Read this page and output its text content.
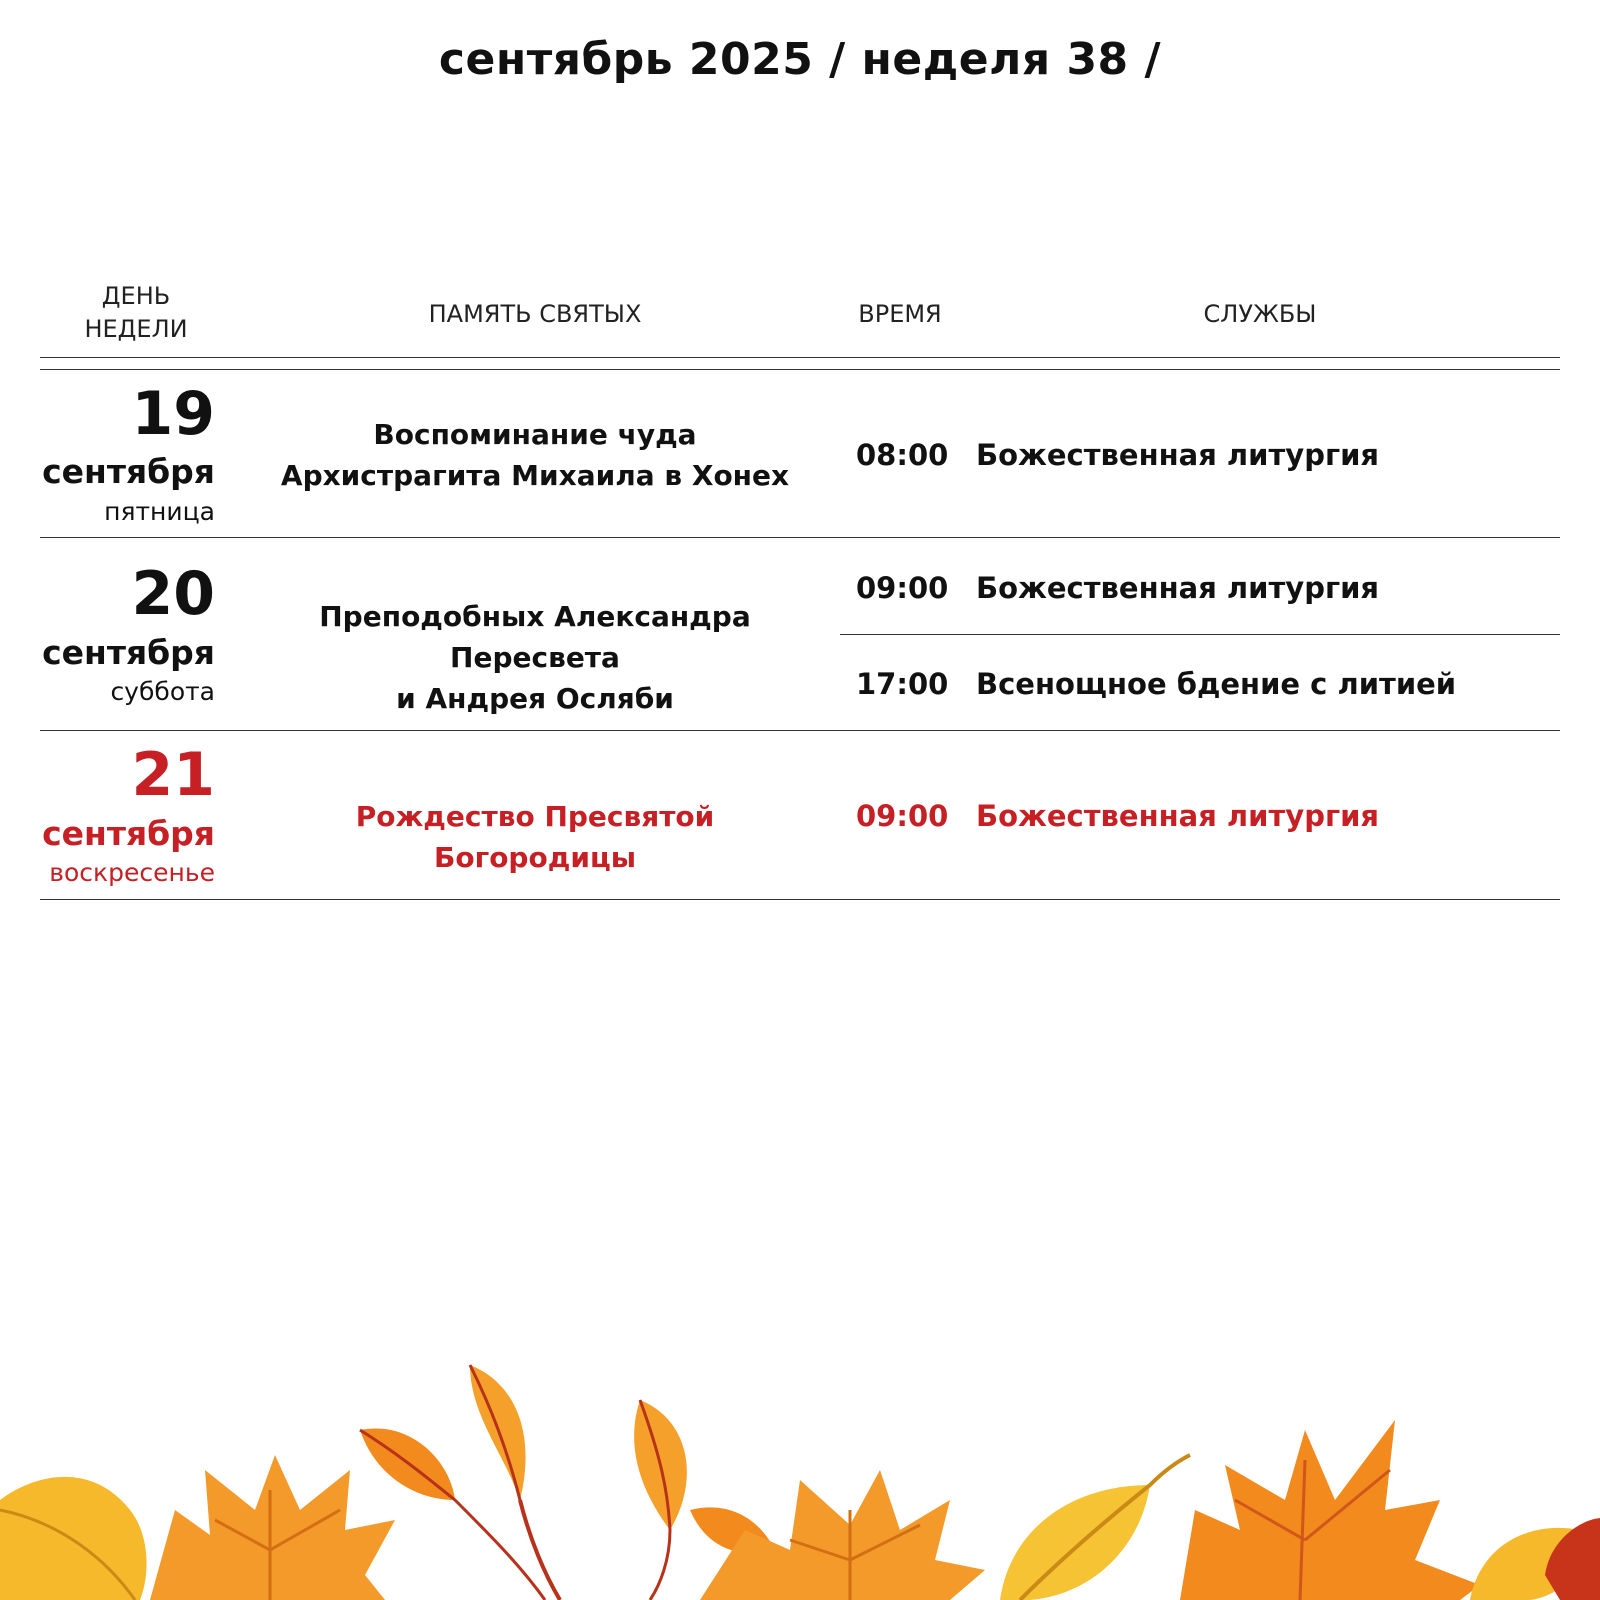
сентябрь 2025 / неделя 38 /
ДЕНЬ
НЕДЕЛИ
ПАМЯТЬ СВЯТЫХ	ВРЕМЯ	СЛУЖБЫ
19
сентября
пятница
Воспоминание чуда
Архистрагита Михаила в Хонех
08:00 Божественная литургия
20
сентября
суббота
Преподобных Александра Пересвета
и Андрея Осляби
09:00 Божественная литургия
17:00 Всенощное бдение с литией
21
сентября
воскресенье
Рождество Пресвятой Богородицы
09:00 Божественная литургия
